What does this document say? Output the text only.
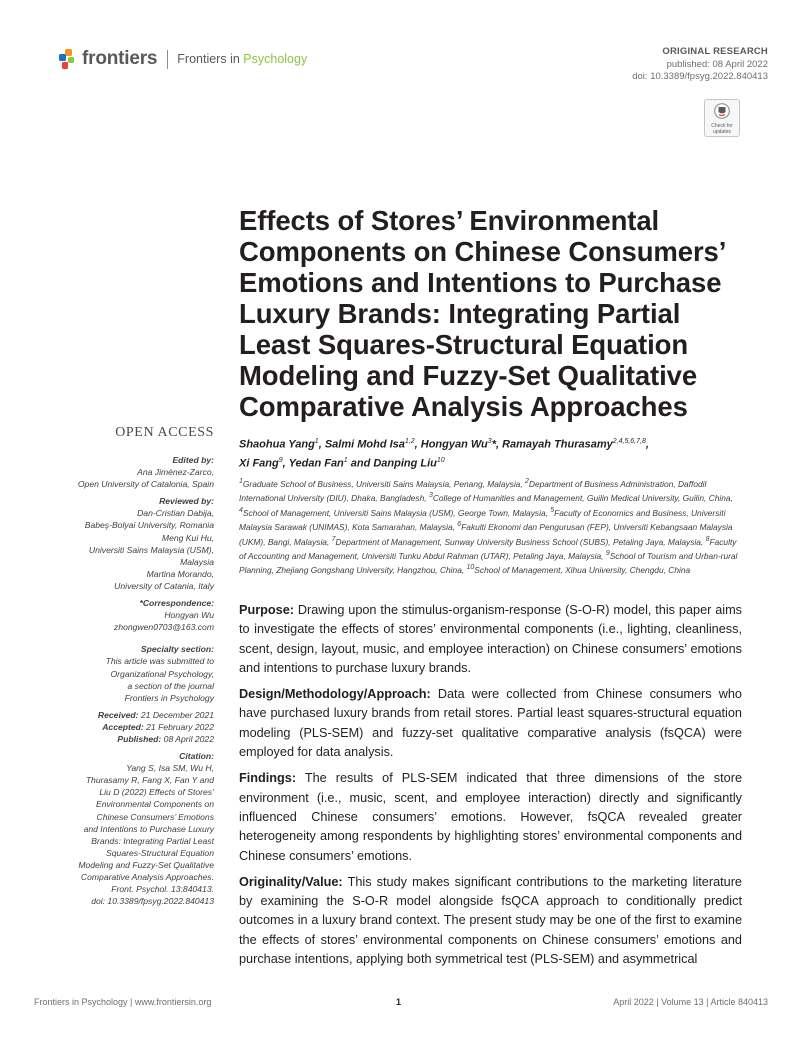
frontiers Frontiers in Psychology
ORIGINAL RESEARCH
published: 08 April 2022
doi: 10.3389/fpsyg.2022.840413
Check for
updates
Effects of Stores’ Environmental Components on Chinese Consumers’ Emotions and Intentions to Purchase Luxury Brands: Integrating Partial Least Squares-Structural Equation Modeling and Fuzzy-Set Qualitative Comparative Analysis Approaches
OPEN ACCESS
Edited by:
Ana Jiménez-Zarco,
Open University of Catalonia, Spain
Reviewed by:
Dan-Cristian Dabija,
Babeş-Bolyai University, Romania
Meng Kui Hu,
Universiti Sains Malaysia (USM),
Malaysia
Martina Morando,
University of Catania, Italy
*Correspondence:
Hongyan Wu
zhongwen0703@163.com
Specialty section:
This article was submitted to
Organizational Psychology,
a section of the journal
Frontiers in Psychology
Received: 21 December 2021
Accepted: 21 February 2022
Published: 08 April 2022
Citation:
Yang S, Isa SM, Wu H,
Thurasamy R, Fang X, Fan Y and
Liu D (2022) Effects of Stores’
Environmental Components on
Chinese Consumers’ Emotions
and Intentions to Purchase Luxury
Brands: Integrating Partial Least
Squares-Structural Equation
Modeling and Fuzzy-Set Qualitative
Comparative Analysis Approaches.
Front. Psychol. 13:840413.
doi: 10.3389/fpsyg.2022.840413
Shaohua Yang$^1$, Salmi Mohd Isa$^{1,2}$, Hongyan Wu$^3$*, Ramayah Thurasamy$^{2,4,5,6,7,8}$,
Xi Fang$^9$, Yedan Fan$^1$ and Danping Liu$^{10}$
$^1$Graduate School of Business, Universiti Sains Malaysia, Penang, Malaysia, $^2$Department of Business Administration, Daffodil International University (DIU), Dhaka, Bangladesh, $^3$College of Humanities and Management, Guilin Medical University, Guilin, China, $^4$School of Management, Universiti Sains Malaysia (USM), George Town, Malaysia, $^5$Faculty of Economics and Business, Universiti Malaysia Sarawak (UNIMAS), Kota Samarahan, Malaysia, $^6$Fakulti Ekonomi dan Pengurusan (FEP), Universiti Kebangsaan Malaysia (UKM), Bangi, Malaysia, $^7$Department of Management, Sunway University Business School (SUBS), Petaling Jaya, Malaysia, $^8$Faculty of Accounting and Management, Universiti Tunku Abdul Rahman (UTAR), Petaling Jaya, Malaysia, $^9$School of Tourism and Urban-rural Planning, Zhejiang Gongshang University, Hangzhou, China, $^{10}$School of Management, Xihua University, Chengdu, China

Purpose: Drawing upon the stimulus-organism-response (S-O-R) model, this paper aims to investigate the effects of stores’ environmental components (i.e., lighting, cleanliness, scent, design, layout, music, and employee interaction) on Chinese consumers’ emotions and intentions to purchase luxury brands.

Design/Methodology/Approach: Data were collected from Chinese consumers who have purchased luxury brands from retail stores. Partial least squares-structural equation modeling (PLS-SEM) and fuzzy-set qualitative comparative analysis (fsQCA) were employed for data analysis.

Findings: The results of PLS-SEM indicated that three dimensions of the store environment (i.e., music, scent, and employee interaction) directly and significantly influenced Chinese consumers’ emotions. However, fsQCA revealed greater heterogeneity among respondents by highlighting stores’ environmental components and Chinese consumers’ emotions.

Originality/Value: This study makes significant contributions to the marketing literature by examining the S-O-R model alongside fsQCA approach to conditionally predict outcomes in a luxury brand context. The present study may be one of the first to examine the effects of stores’ environmental components on Chinese consumers’ emotions and purchase intentions, applying both symmetrical test (PLS-SEM) and asymmetrical

Frontiers in Psychology | www.frontiersin.org	1	April 2022 | Volume 13 | Article 840413
